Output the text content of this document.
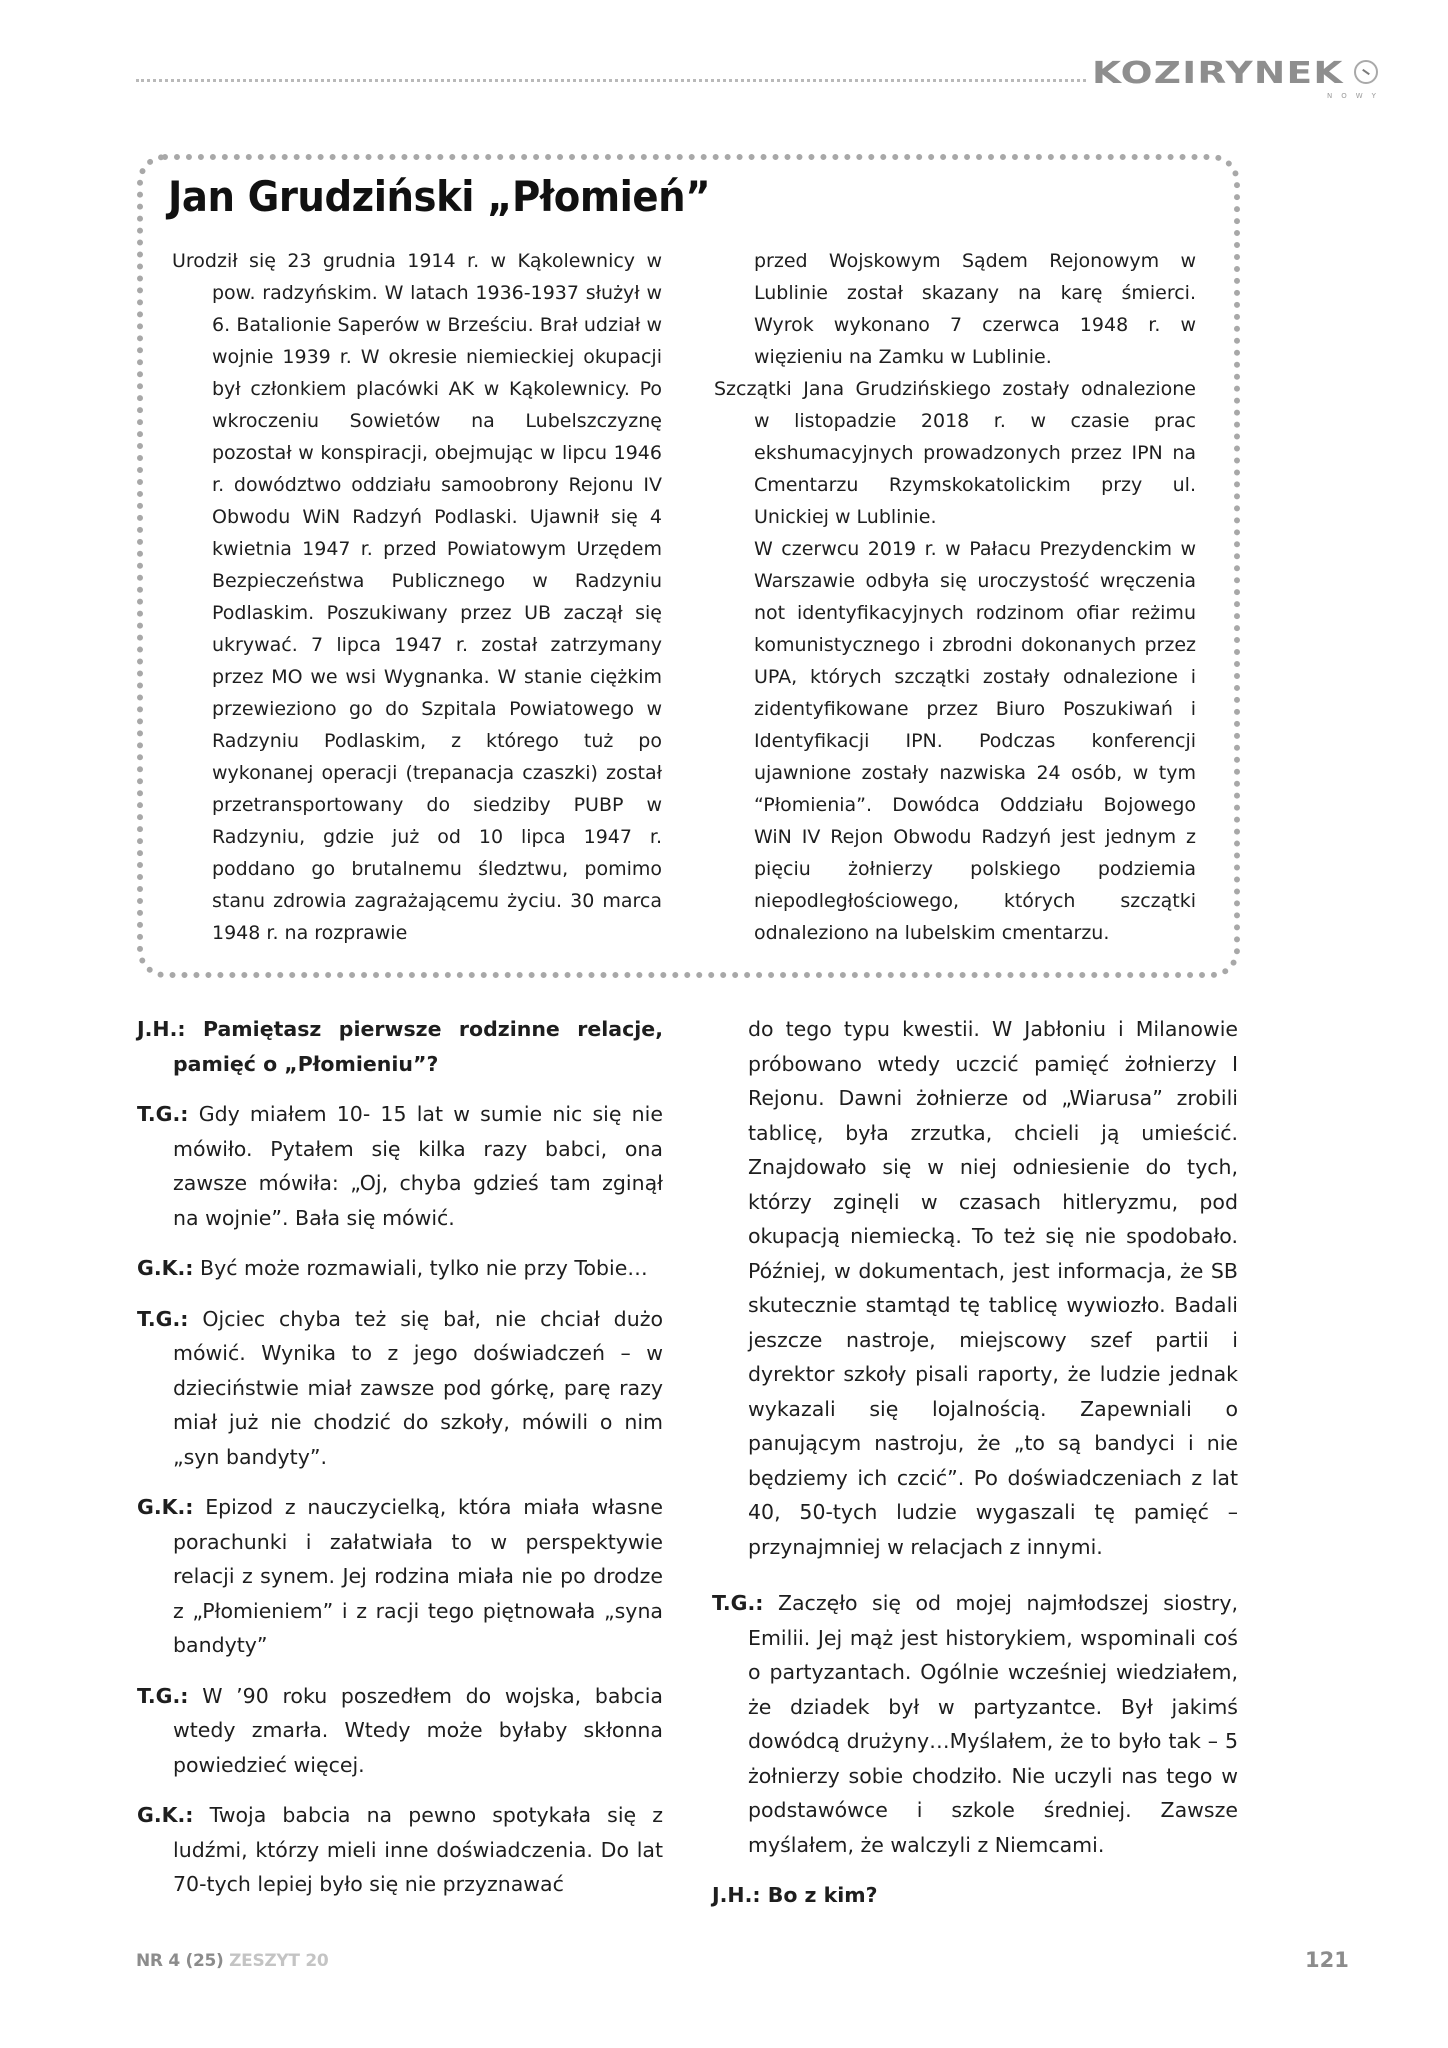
KOZIRYNEK
NOWY
Jan Grudziński „Płomień”

Urodził się 23 grudnia 1914 r. w Kąkolewnicy w pow. radzyńskim. W latach 1936-1937 służył w 6. Batalionie Saperów w Brześciu. Brał udział w wojnie 1939 r. W okresie niemieckiej okupacji był członkiem placówki AK w Kąkolewnicy. Po wkroczeniu Sowietów na Lubelszczyznę pozostał w konspiracji, obejmując w lipcu 1946 r. dowództwo oddziału samoobrony Rejonu IV Obwodu WiN Radzyń Podlaski. Ujawnił się 4 kwietnia 1947 r. przed Powiatowym Urzędem Bezpieczeństwa Publicznego w Radzyniu Podlaskim. Poszukiwany przez UB zaczął się ukrywać. 7 lipca 1947 r. został zatrzymany przez MO we wsi Wygnanka. W stanie ciężkim przewieziono go do Szpitala Powiatowego w Radzyniu Podlaskim, z którego tuż po wykonanej operacji (trepanacja czaszki) został przetransportowany do siedziby PUBP w Radzyniu, gdzie już od 10 lipca 1947 r. poddano go brutalnemu śledztwu, pomimo stanu zdrowia zagrażającemu życiu. 30 marca 1948 r. na rozprawie

przed Wojskowym Sądem Rejonowym w Lublinie został skazany na karę śmierci. Wyrok wykonano 7 czerwca 1948 r. w więzieniu na Zamku w Lublinie.

Szczątki Jana Grudzińskiego zostały odnalezione w listopadzie 2018 r. w czasie prac ekshumacyjnych prowadzonych przez IPN na Cmentarzu Rzymskokatolickim przy ul. Unickiej w Lublinie.

W czerwcu 2019 r. w Pałacu Prezydenckim w Warszawie odbyła się uroczystość wręczenia not identyfikacyjnych rodzinom ofiar reżimu komunistycznego i zbrodni dokonanych przez UPA, których szczątki zostały odnalezione i zidentyfikowane przez Biuro Poszukiwań i Identyfikacji IPN. Podczas konferencji ujawnione zostały nazwiska 24 osób, w tym “Płomienia”. Dowódca Oddziału Bojowego WiN IV Rejon Obwodu Radzyń jest jednym z pięciu żołnierzy polskiego podziemia niepodległościowego, których szczątki odnaleziono na lubelskim cmentarzu.

J.H.: Pamiętasz pierwsze rodzinne relacje, pamięć o „Płomieniu”?

T.G.: Gdy miałem 10- 15 lat w sumie nic się nie mówiło. Pytałem się kilka razy babci, ona zawsze mówiła: „Oj, chyba gdzieś tam zginął na wojnie”. Bała się mówić.

G.K.: Być może rozmawiali, tylko nie przy Tobie…

T.G.: Ojciec chyba też się bał, nie chciał dużo mówić. Wynika to z jego doświadczeń – w dzieciństwie miał zawsze pod górkę, parę razy miał już nie chodzić do szkoły, mówili o nim „syn bandyty”.

G.K.: Epizod z nauczycielką, która miała własne porachunki i załatwiała to w perspektywie relacji z synem. Jej rodzina miała nie po drodze z „Płomieniem” i z racji tego piętnowała „syna bandyty”

T.G.: W ’90 roku poszedłem do wojska, babcia wtedy zmarła. Wtedy może byłaby skłonna powiedzieć więcej.

G.K.: Twoja babcia na pewno spotykała się z ludźmi, którzy mieli inne doświadczenia. Do lat 70-tych lepiej było się nie przyznawać

do tego typu kwestii. W Jabłoniu i Milanowie próbowano wtedy uczcić pamięć żołnierzy I Rejonu. Dawni żołnierze od „Wiarusa” zrobili tablicę, była zrzutka, chcieli ją umieścić. Znajdowało się w niej odniesienie do tych, którzy zginęli w czasach hitleryzmu, pod okupacją niemiecką. To też się nie spodobało. Później, w dokumentach, jest informacja, że SB skutecznie stamtąd tę tablicę wywiozło. Badali jeszcze nastroje, miejscowy szef partii i dyrektor szkoły pisali raporty, że ludzie jednak wykazali się lojalnością. Zapewniali o panującym nastroju, że „to są bandyci i nie będziemy ich czcić”. Po doświadczeniach z lat 40, 50-tych ludzie wygaszali tę pamięć – przynajmniej w relacjach z innymi.

T.G.: Zaczęło się od mojej najmłodszej siostry, Emilii. Jej mąż jest historykiem, wspominali coś o partyzantach. Ogólnie wcześniej wiedziałem, że dziadek był w partyzantce. Był jakimś dowódcą drużyny…Myślałem, że to było tak – 5 żołnierzy sobie chodziło. Nie uczyli nas tego w podstawówce i szkole średniej. Zawsze myślałem, że walczyli z Niemcami.

J.H.: Bo z kim?

NR 4 (25) ZESZYT 20	121
